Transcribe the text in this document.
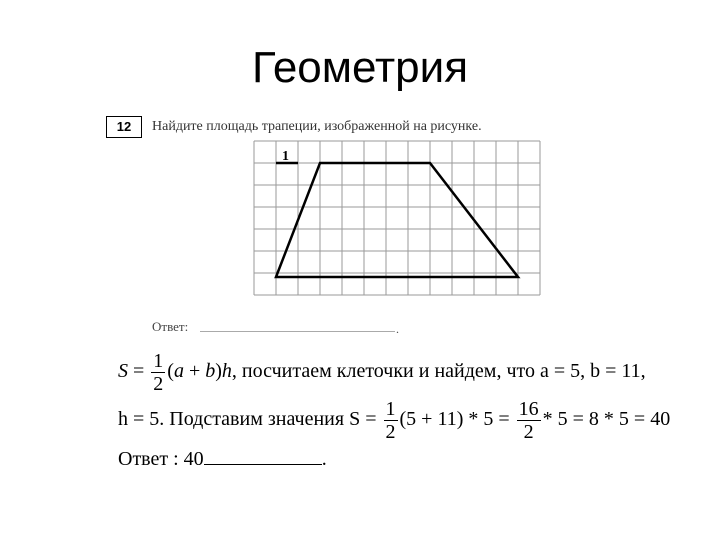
Геометрия
12	Найдите площадь трапеции, изображенной на рисунке.
1
Ответ:	.
$S = \frac{1}{2} (a + b)h$, посчитаем клеточки и найдем, что a = 5, b = 11,
h = 5. Подставим значения $S = \frac{1}{2} (5 + 11) * 5 = \frac{16}{2} * 5 = 8 * 5 = 40$
Ответ : 40	.
